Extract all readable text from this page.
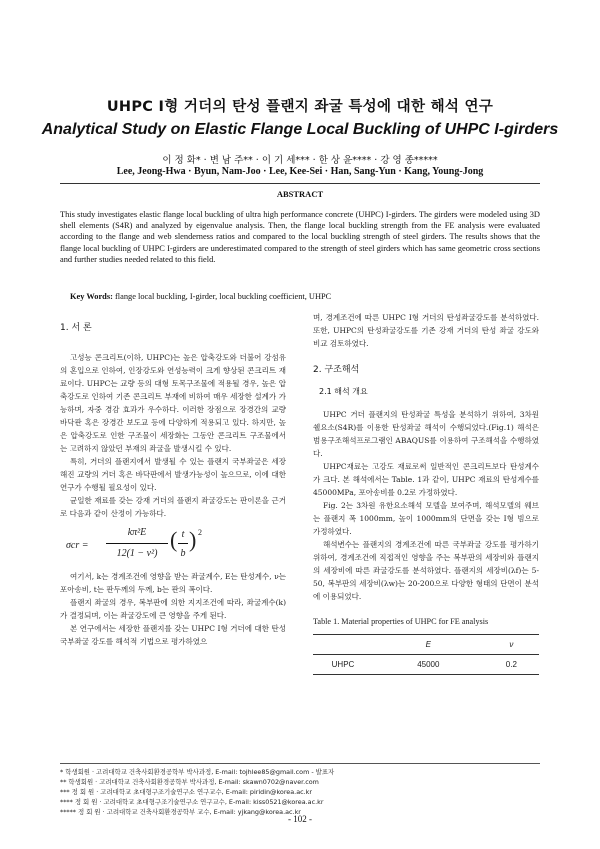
UHPC I형 거더의 탄성 플랜지 좌굴 특성에 대한 해석 연구
Analytical Study on Elastic Flange Local Buckling of UHPC I-girders
이 정 화* · 변 남 주** · 이 기 세*** · 한 상 윤**** · 강 영 종*****
Lee, Jeong-Hwa · Byun, Nam-Joo · Lee, Kee-Sei · Han, Sang-Yun · Kang, Young-Jong
ABSTRACT
This study investigates elastic flange local buckling of ultra high performance concrete (UHPC) I-girders. The girders were modeled using 3D shell elements (S4R) and analyzed by eigenvalue analysis. Then, the flange local buckling strength from the FE analysis were evaluated according to the flange and web slenderness ratios and compared to the local buckling strength of steel girders. The results shows that the flange local buckling of UHPC I-girders are underestimated compared to the strength of steel girders which has same geometric cross sections and further studies needed related to this field.
Key Words: flange local buckling, I-girder, local buckling coefficient, UHPC
1. 서 론

고성능 콘크리트(이하, UHPC)는 높은 압축강도와 더불어 강섬유의 혼입으로 인하여, 인장강도와 연성능력이 크게 향상된 콘크리트 재료이다. UHPC는 교량 등의 대형 토목구조물에 적용될 경우, 높은 압축강도로 인하여 기존 콘크리트 부재에 비하여 매우 세장한 설계가 가능하며, 자중 경감 효과가 우수하다. 이러한 장점으로 장경간의 교량 바닥판 혹은 장경간 보도교 등에 다양하게 적용되고 있다. 하지만, 높은 압축강도로 인한 구조물이 세장화는 그동안 콘크리트 구조물에서는 고려하지 않았던 부재의 좌굴을 발생시킬 수 있다.

특히, 거더의 플랜지에서 발생될 수 있는 플랜지 국부좌굴은 세장해진 교량의 거더 혹은 바닥판에서 발생가능성이 높으므로, 이에 대한 연구가 수행될 필요성이 있다.

균일한 재료를 갖는 강재 거더의 플랜지 좌굴강도는 판이론을 근거로 다음과 같이 산정이 가능하다.

σcr =
kπ²E
12(1 − ν²)
( t
b
) 2

여기서, k는 경계조건에 영향을 받는 좌굴계수, E는 탄성계수, ν는 포아송비, t는 판두께의 두께, b는 판의 폭이다.

플랜지 좌굴의 경우, 복부판에 의한 지지조건에 따라, 좌굴계수(k)가 결정되며, 이는 좌굴강도에 큰 영향을 주게 된다.

본 연구에서는 세장한 플랜지를 갖는 UHPC I형 거더에 대한 탄성국부좌굴 강도를 해석적 기법으로 평가하였으

며, 경계조건에 따른 UHPC I형 거더의 탄성좌굴강도를 분석하였다. 또한, UHPC의 탄성좌굴강도를 기존 강재 거더의 탄성 좌굴 강도와 비교 검토하였다.

2. 구조해석
2.1 해석 개요

UHPC 거더 플랜지의 탄성좌굴 특성을 분석하기 위하여, 3차원 쉘요소(S4R)를 이용한 탄성좌굴 해석이 수행되었다.(Fig.1) 해석은 범용구조해석프로그램인 ABAQUS를 이용하여 구조해석을 수행하였다.

UHPC재료는 고강도 재료로써 일반적인 콘크리트보다 탄성계수가 크다. 본 해석에서는 Table. 1과 같이, UHPC 재료의 탄성계수를 45000MPa, 포아송비를 0.2로 가정하였다.

Fig. 2는 3차원 유한요소해석 모델을 보여주며, 해석모델의 웨브는 플랜지 폭 1000mm, 높이 1000mm의 단면을 갖는 I형 빔으로 가정하였다.

해석변수는 플랜지의 경계조건에 따른 국부좌굴 강도를 평가하기 위하여, 경계조건에 직접적인 영향을 주는 복부판의 세장비와 플랜지의 세장비에 따른 좌굴강도를 분석하였다. 플랜지의 세장비(λf)는 5-50, 복부판의 세장비(λw)는 20-200으로 다양한 형태의 단면이 분석에 이용되었다.

Table 1. Material properties of UHPC for FE analysis
	E	ν
UHPC	45000	0.2
* 학생회원 · 고려대학교 건축사회환경공학부 박사과정, E-mail: tojhlee85@gmail.com - 발표자
** 학생회원 · 고려대학교 건축사회환경공학부 박사과정, E-mail: skawn0702@naver.com
*** 정 회 원 · 고려대학교 초대형구조기술연구소 연구교수, E-mail: piridin@korea.ac.kr
**** 정 회 원 · 고려대학교 초대형구조기술연구소 연구교수, E-mail: kiss0521@korea.ac.kr
***** 정 회 원 · 고려대학교 건축사회환경공학부 교수, E-mail: yjkang@korea.ac.kr
- 102 -
